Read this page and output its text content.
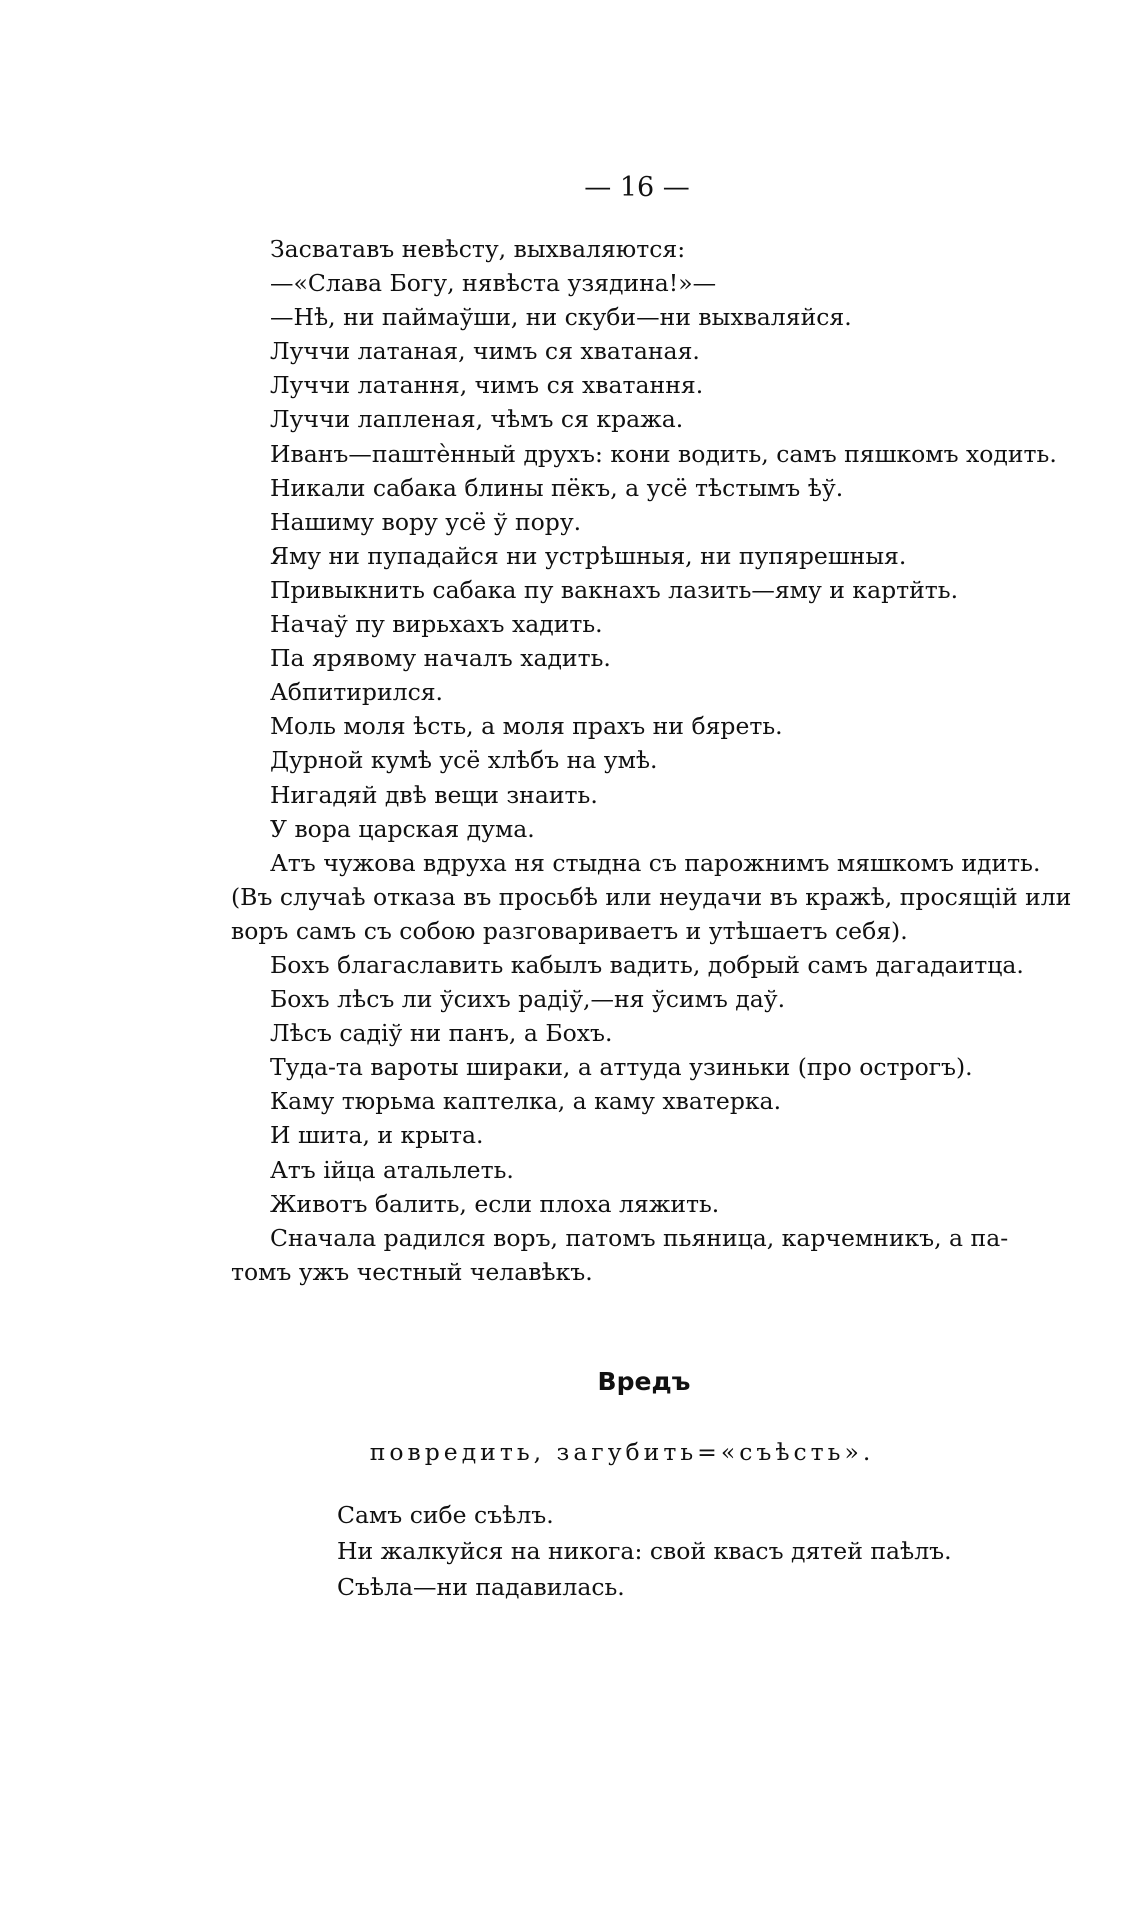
— 16 —
Засватавъ невѣсту, выхваляются:
—«Слава Богу, нявѣста узядина!»—
—Нѣ, ни паймаўши, ни скуби—ни выхваляйся.
Луччи латаная, чимъ ся хватаная.
Луччи латання, чимъ ся хватання.
Луччи лапленая, чѣмъ ся кража.
Иванъ—паштѐнный друхъ: кони водить, самъ пяшкомъ ходить.
Никали сабака блины пёкъ, а усё тѣстымъ ѣў.
Нашиму вору усё ў пору.
Яму ни пупадайся ни устрѣшныя, ни пупярешныя.
Привыкнить сабака пу вакнахъ лазить—яму и картйть.
Начаў пу вирьхахъ хадить.
Па ярявому началъ хадить.
Абпитирился.
Моль моля ѣсть, а моля прахъ ни бяреть.
Дурной кумѣ усё хлѣбъ на умѣ.
Нигадяй двѣ вещи знаить.
У вора царская дума.
Атъ чужова вдруха ня стыдна съ парожнимъ мяшкомъ идить.
(Въ случаѣ отказа въ просьбѣ или неудачи въ кражѣ, просящій или
воръ самъ съ собою разговариваетъ и утѣшаетъ себя).
Бохъ благаславить кабылъ вадить, добрый самъ дагадаитца.
Бохъ лѣсъ ли ўсихъ радіў,—ня ўсимъ даў.
Лѣсъ садіў ни панъ, а Бохъ.
Туда-та вароты шираки, а аттуда узиньки (про острогъ).
Каму тюрьма каптелка, а каму хватерка.
И шита, и крыта.
Атъ ійца атальлеть.
Животъ балить, если плоха ляжить.
Сначала радился воръ, патомъ пьяница, карчемникъ, а па-
томъ ужъ честный челавѣкъ.
Вредъ
повредить, загубить=«съѣсть».
Самъ сибе съѣлъ.
Ни жалкуйся на никога: свой квасъ дятей паѣлъ.
Съѣла—ни падавилась.
